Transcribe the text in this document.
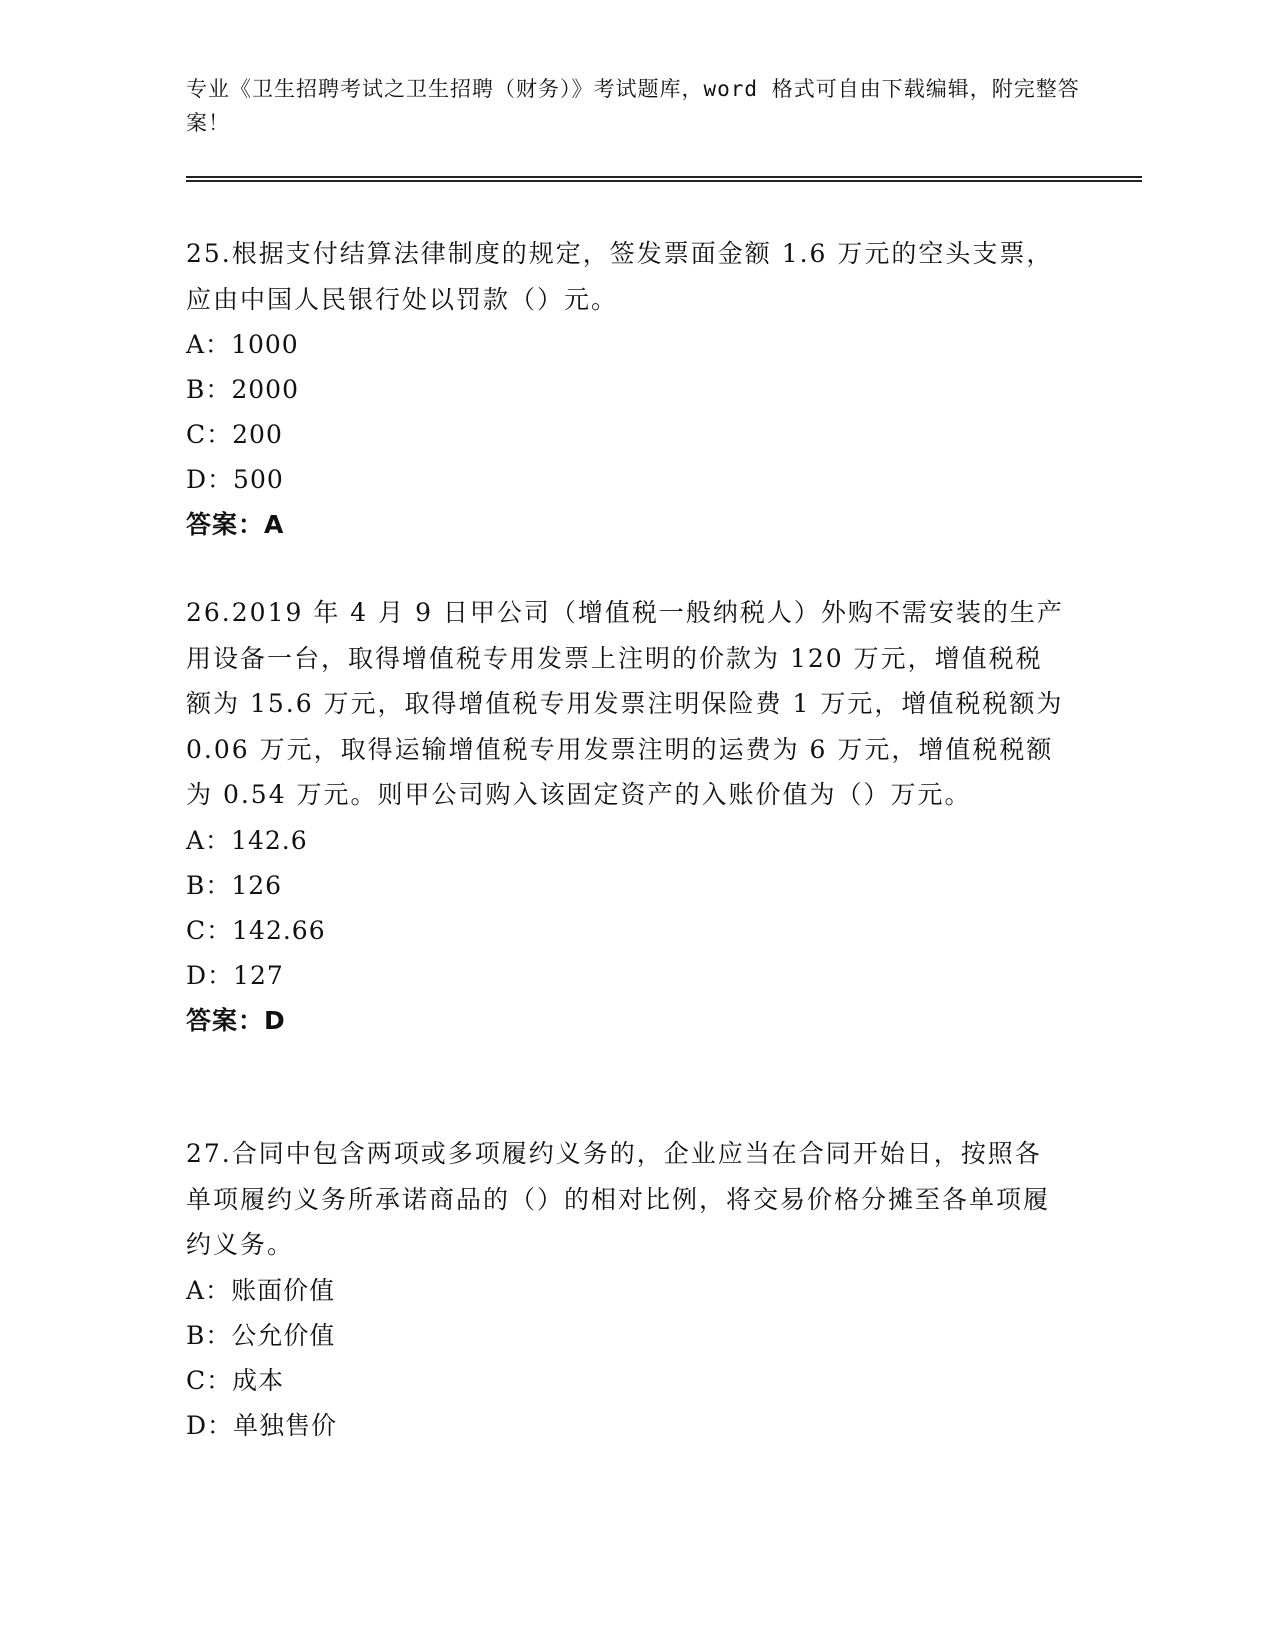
专业《卫生招聘考试之卫生招聘（财务）》考试题库，word 格式可自由下载编辑，附完整答案！

25.根据支付结算法律制度的规定，签发票面金额 1.6 万元的空头支票，应由中国人民银行处以罚款（）元。

A：1000

B：2000

C：200

D：500

答案：A

26.2019 年 4 月 9 日甲公司（增值税一般纳税人）外购不需安装的生产用设备一台，取得增值税专用发票上注明的价款为 120 万元，增值税税额为 15.6 万元，取得增值税专用发票注明保险费 1 万元，增值税税额为 0.06 万元，取得运输增值税专用发票注明的运费为 6 万元，增值税税额为 0.54 万元。则甲公司购入该固定资产的入账价值为（）万元。

A：142.6

B：126

C：142.66

D：127

答案：D

27.合同中包含两项或多项履约义务的，企业应当在合同开始日，按照各单项履约义务所承诺商品的（）的相对比例，将交易价格分摊至各单项履约义务。

A：账面价值

B：公允价值

C：成本

D：单独售价
